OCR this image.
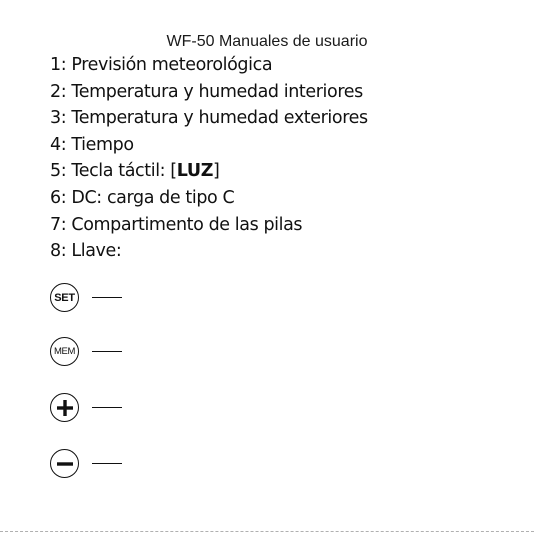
WF-50 Manuales de usuario
1: Previsión meteorológica
2: Temperatura y humedad interiores
3: Temperatura y humedad exteriores
4: Tiempo
5: Tecla táctil: [LUZ]
6: DC: carga de tipo C
7: Compartimento de las pilas
8: Llave:
SET
MEM
